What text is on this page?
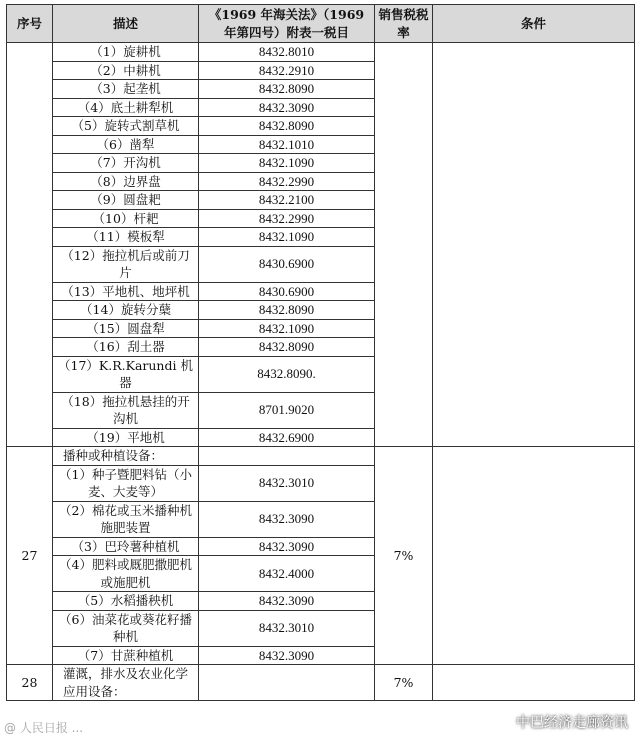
序号	描述	《1969 年海关法》（1969 年第四号）附表一税目	销售税税率	条件
	（1）旋耕机	8432.8010		
	（2）中耕机	8432.2910		
	（3）起垄机	8432.8090		
	（4）底土耕犁机	8432.3090		
	（5）旋转式割草机	8432.8090		
	（6）凿犁	8432.1010		
	（7）开沟机	8432.1090		
	（8）边界盘	8432.2990		
	（9）圆盘耙	8432.2100		
	（10）杆耙	8432.2990		
	（11）模板犁	8432.1090		
	（12）拖拉机后或前刀片	8430.6900		
	（13）平地机、地坪机	8430.6900		
	（14）旋转分蘖	8432.8090		
	（15）圆盘犁	8432.1090		
	（16）刮土器	8432.8090		
	（17）K.R.Karundi 机器	8432.8090.		
	（18）拖拉机悬挂的开沟机	8701.9020		
	（19）平地机	8432.6900		
27	播种或种植设备：		7%	
	（1）种子暨肥料钻（小麦、大麦等）	8432.3010		
	（2）棉花或玉米播种机施肥装置	8432.3090		
	（3）巴玲薯种植机	8432.3090		
	（4）肥料或厩肥撒肥机或施肥机	8432.4000		
	（5）水稻播秧机	8432.3090		
	（6）油菜花或葵花籽播种机	8432.3010		
	（7）甘蔗种植机	8432.3090		
28	灌溉，排水及农业化学应用设备：		7%	
@ 人民日报 ...	中巴经济走廊资讯
